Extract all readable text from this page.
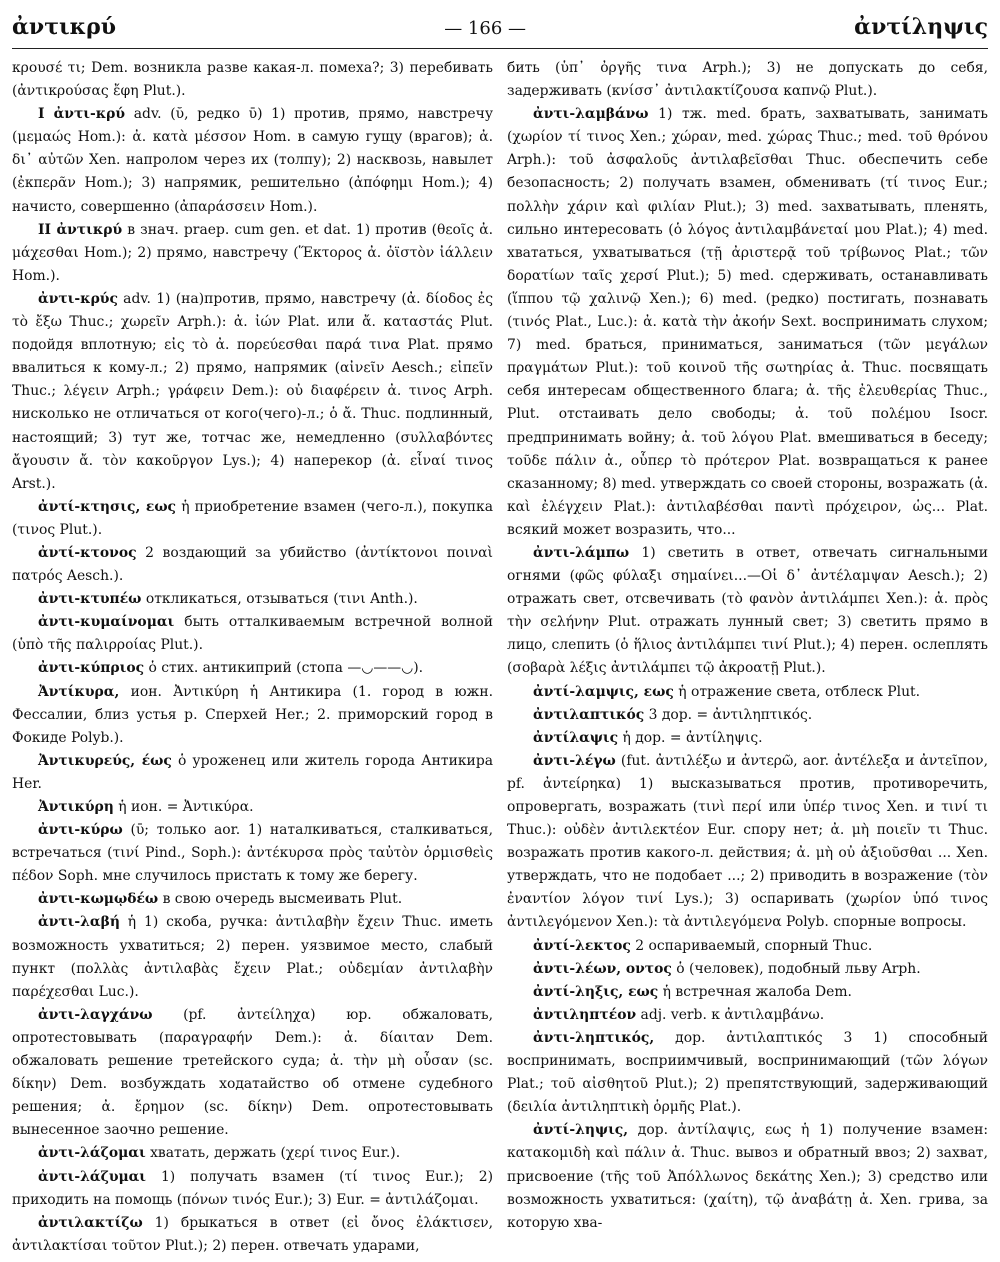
ἀντικρύ	— 166 —	ἀντίληψις

κρουσέ τι; Dem. возникла разве какая-л. помеха?; 3) перебивать (ἀντικρούσας ἔφη Plut.).

I ἀντι-κρύ adv. (ῠ, редко ῡ) 1) против, прямо, навстречу (μεμαώς Hom.): ἀ. κατὰ μέσσον Hom. в самую гущу (врагов); ἀ. δι᾽ αὐτῶν Xen. напролом через их (толпу); 2) насквозь, навылет (ἐκπερᾶν Hom.); 3) напрямик, решительно (ἀπόφημι Hom.); 4) начисто, совершенно (ἀπαράσσειν Hom.).

II ἀντικρύ в знач. praep. cum gen. et dat. 1) против (θεοῖς ἀ. μάχεσθαι Hom.); 2) прямо, навстречу (Ἕκτορος ἀ. ὀϊστὸν ἰάλλειν Hom.).

ἀντι-κρύς adv. 1) (на)против, прямо, навстречу (ἀ. δίοδος ἐς τὸ ἔξω Thuc.; χωρεῖν Arph.): ἀ. ἰών Plat. или ἄ. καταστάς Plut. подойдя вплотную; εἰς τὸ ἀ. πορεύεσθαι παρά τινα Plat. прямо ввалиться к кому-л.; 2) прямо, напрямик (αἰνεῖν Aesch.; εἰπεῖν Thuc.; λέγειν Arph.; γράφειν Dem.): οὐ διαφέρειν ἀ. τινος Arph. нисколько не отличаться от кого(чего)-л.; ὁ ἄ. Thuc. подлинный, настоящий; 3) тут же, тотчас же, немедленно (συλλαβόντες ἄγουσιν ἄ. τὸν κακοῦργον Lys.); 4) наперекор (ἀ. εἶναί τινος Arst.).

ἀντί-κτησις, εως ἡ приобретение взамен (чего-л.), покупка (τινος Plut.).

ἀντί-κτονος 2 воздающий за убийство (ἀντίκτονοι ποιναὶ πατρός Aesch.).

ἀντι-κτυπέω откликаться, отзываться (τινι Anth.).

ἀντι-κυμαίνομαι быть отталкиваемым встречной волной (ὑπὸ τῆς παλιρροίας Plut.).

ἀντι-κύπριος ὁ стих. антикиприй (стопа —◡——◡).

Ἀντίκυρα, ион. Ἀντικύρη ἡ Антикира (1. город в южн. Фессалии, близ устья р. Сперхей Her.; 2. приморский город в Фокиде Polyb.).

Ἀντικυρεύς, έως ὁ уроженец или житель города Антикира Her.

Ἀντικύρη ἡ ион. = Ἀντικύρα.

ἀντι-κύρω (ῡ; только aor. 1) наталкиваться, сталкиваться, встречаться (τινί Pind., Soph.): ἀντέκυρσα πρὸς ταὐτὸν ὁρμισθεὶς πέδον Soph. мне случилось пристать к тому же берегу.

ἀντι-κωμῳδέω в свою очередь высмеивать Plut.

ἀντι-λαβή ἡ 1) скоба, ручка: ἀντιλαβὴν ἔχειν Thuc. иметь возможность ухватиться; 2) перен. уязвимое место, слабый пункт (πολλὰς ἀντιλαβὰς ἔχειν Plat.; οὐδεμίαν ἀντιλαβὴν παρέχεσθαι Luc.).

ἀντι-λαγχάνω (pf. ἀντείληχα) юр. обжаловать, опротестовывать (παραγραφήν Dem.): ἀ. δίαιταν Dem. обжаловать решение третейского суда; ἀ. τὴν μὴ οὖσαν (sc. δίκην) Dem. возбуждать ходатайство об отмене судебного решения; ἀ. ἔρημον (sc. δίκην) Dem. опротестовывать вынесенное заочно решение.

ἀντι-λάζομαι хватать, держать (χερί τινος Eur.).

ἀντι-λάζυμαι 1) получать взамен (τί τινος Eur.); 2) приходить на помощь (πόνων τινός Eur.); 3) Eur. = ἀντιλάζομαι.

ἀντιλακτίζω 1) брыкаться в ответ (εἰ ὄνος ἐλάκτισεν, ἀντιλακτίσαι τοῦτον Plut.); 2) перен. отвечать ударами,

бить (ὑπ᾽ ὀργῆς τινα Arph.); 3) не допускать до себя, задерживать (κνίσσ᾽ ἀντιλακτίζουσα καπνῷ Plut.).

ἀντι-λαμβάνω 1) тж. med. брать, захватывать, занимать (χωρίον τί τινος Xen.; χώραν, med. χώρας Thuc.; med. τοῦ θρόνου Arph.): τοῦ ἀσφαλοῦς ἀντιλαβεῖσθαι Thuc. обеспечить себе безопасность; 2) получать взамен, обменивать (τί τινος Eur.; πολλὴν χάριν καὶ φιλίαν Plut.); 3) med. захватывать, пленять, сильно интересовать (ὁ λόγος ἀντιλαμβάνεταί μου Plat.); 4) med. хвататься, ухватываться (τῇ ἀριστερᾷ τοῦ τρίβωνος Plat.; τῶν δορατίων ταῖς χερσί Plut.); 5) med. сдерживать, останавливать (ἵππου τῷ χαλινῷ Xen.); 6) med. (редко) постигать, познавать (τινός Plat., Luc.): ἀ. κατὰ τὴν ἀκοήν Sext. воспринимать слухом; 7) med. браться, приниматься, заниматься (τῶν μεγάλων πραγμάτων Plut.): τοῦ κοινοῦ τῆς σωτηρίας ἀ. Thuc. посвящать себя интересам общественного блага; ἀ. τῆς ἐλευθερίας Thuc., Plut. отстаивать дело свободы; ἀ. τοῦ πολέμου Isocr. предпринимать войну; ἀ. τοῦ λόγου Plat. вмешиваться в беседу; τοῦδε πάλιν ἀ., οὗπερ τὸ πρότερον Plat. возвращаться к ранее сказанному; 8) med. утверждать со своей стороны, возражать (ἀ. καὶ ἐλέγχειν Plat.): ἀντιλαβέσθαι παντὶ πρόχειρον, ὡς... Plat. всякий может возразить, что...

ἀντι-λάμπω 1) светить в ответ, отвечать сигнальными огнями (φῶς φύλαξι σημαίνει...—Οἱ δ᾽ ἀντέλαμψαν Aesch.); 2) отражать свет, отсвечивать (τὸ φανὸν ἀντιλάμπει Xen.): ἀ. πρὸς τὴν σελήνην Plut. отражать лунный свет; 3) светить прямо в лицо, слепить (ὁ ἥλιος ἀντιλάμπει τινί Plut.); 4) перен. ослеплять (σοβαρὰ λέξις ἀντιλάμπει τῷ ἀκροατῇ Plut.).

ἀντί-λαμψις, εως ἡ отражение света, отблеск Plut.

ἀντιλαπτικός 3 дор. = ἀντιληπτικός.

ἀντίλαψις ἡ дор. = ἀντίληψις.

ἀντι-λέγω (fut. ἀντιλέξω и ἀντερῶ, aor. ἀντέλεξα и ἀντεῖπον, pf. ἀντείρηκα) 1) высказываться против, противоречить, опровергать, возражать (τινὶ περί или ὑπέρ τινος Xen. и τινί τι Thuc.): οὐδὲν ἀντιλεκτέον Eur. спору нет; ἀ. μὴ ποιεῖν τι Thuc. возражать против какого-л. действия; ἀ. μὴ οὐ ἀξιοῦσθαι ... Xen. утверждать, что не подобает ...; 2) приводить в возражение (τὸν ἐναντίον λόγον τινί Lys.); 3) оспаривать (χωρίον ὑπό τινος ἀντιλεγόμενον Xen.): τὰ ἀντιλεγόμενα Polyb. спорные вопросы.

ἀντί-λεκτος 2 оспариваемый, спорный Thuc.

ἀντι-λέων, οντος ὁ (человек), подобный льву Arph.

ἀντί-ληξις, εως ἡ встречная жалоба Dem.

ἀντιληπτέον adj. verb. к ἀντιλαμβάνω.

ἀντι-ληπτικός, дор. ἀντιλαπτικός 3 1) способный воспринимать, восприимчивый, воспринимающий (τῶν λόγων Plat.; τοῦ αἰσθητοῦ Plut.); 2) препятствующий, задерживающий (δειλία ἀντιληπτικὴ ὁρμῆς Plat.).

ἀντί-ληψις, дор. ἀντίλαψις, εως ἡ 1) получение взамен: κατακομιδὴ καὶ πάλιν ἀ. Thuc. вывоз и обратный ввоз; 2) захват, присвоение (τῆς τοῦ Ἀπόλλωνος δεκάτης Xen.); 3) средство или возможность ухватиться: (χαίτη), τῷ ἀναβάτῃ ἀ. Xen. грива, за которую хва-
